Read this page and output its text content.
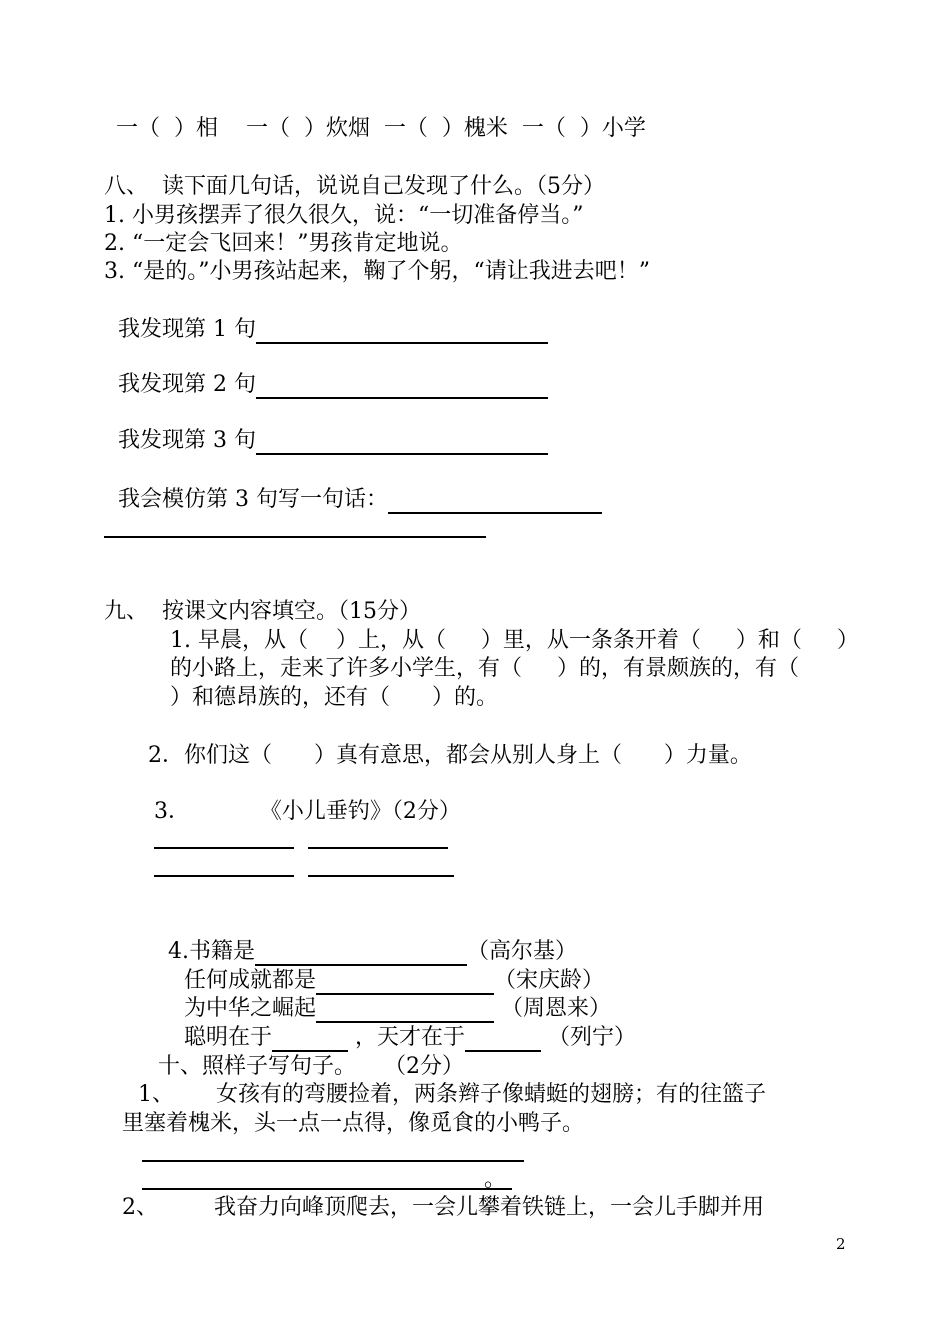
一（  ）相    一（  ）炊烟  一（  ）槐米  一（  ）小学
八、  读下面几句话，说说自己发现了什么。（5分）
1. 小男孩摆弄了很久很久，说：“一切准备停当。”
2. “一定会飞回来！”男孩肯定地说。
3. “是的。”小男孩站起来，鞠了个躬，“请让我进去吧！”

我发现第 1 句

我发现第 2 句

我发现第 3 句

我会模仿第 3 句写一句话：

九、  按课文内容填空。（15分）
1. 早晨，从（    ）上，从（     ）里，从一条条开着（     ）和（     ）
的小路上，走来了许多小学生，有（     ）的，有景颇族的，有（
）和德昂族的，还有（      ）的。
2．你们这（      ）真有意思，都会从别人身上（      ）力量。
3．          《小儿垂钓》（2分）

4.书籍是	（高尔基）

任何成就都是	（宋庆龄）

为中华之崛起	（周恩来）

聪明在于	，天才在于	（列宁）

十、照样子写句子。    （2分）
1、      女孩有的弯腰捡着，两条辫子像蜻蜓的翅膀；有的往篮子
里塞着槐米，头一点一点得，像觅食的小鸭子。
。
2、        我奋力向峰顶爬去，一会儿攀着铁链上，一会儿手脚并用
2
